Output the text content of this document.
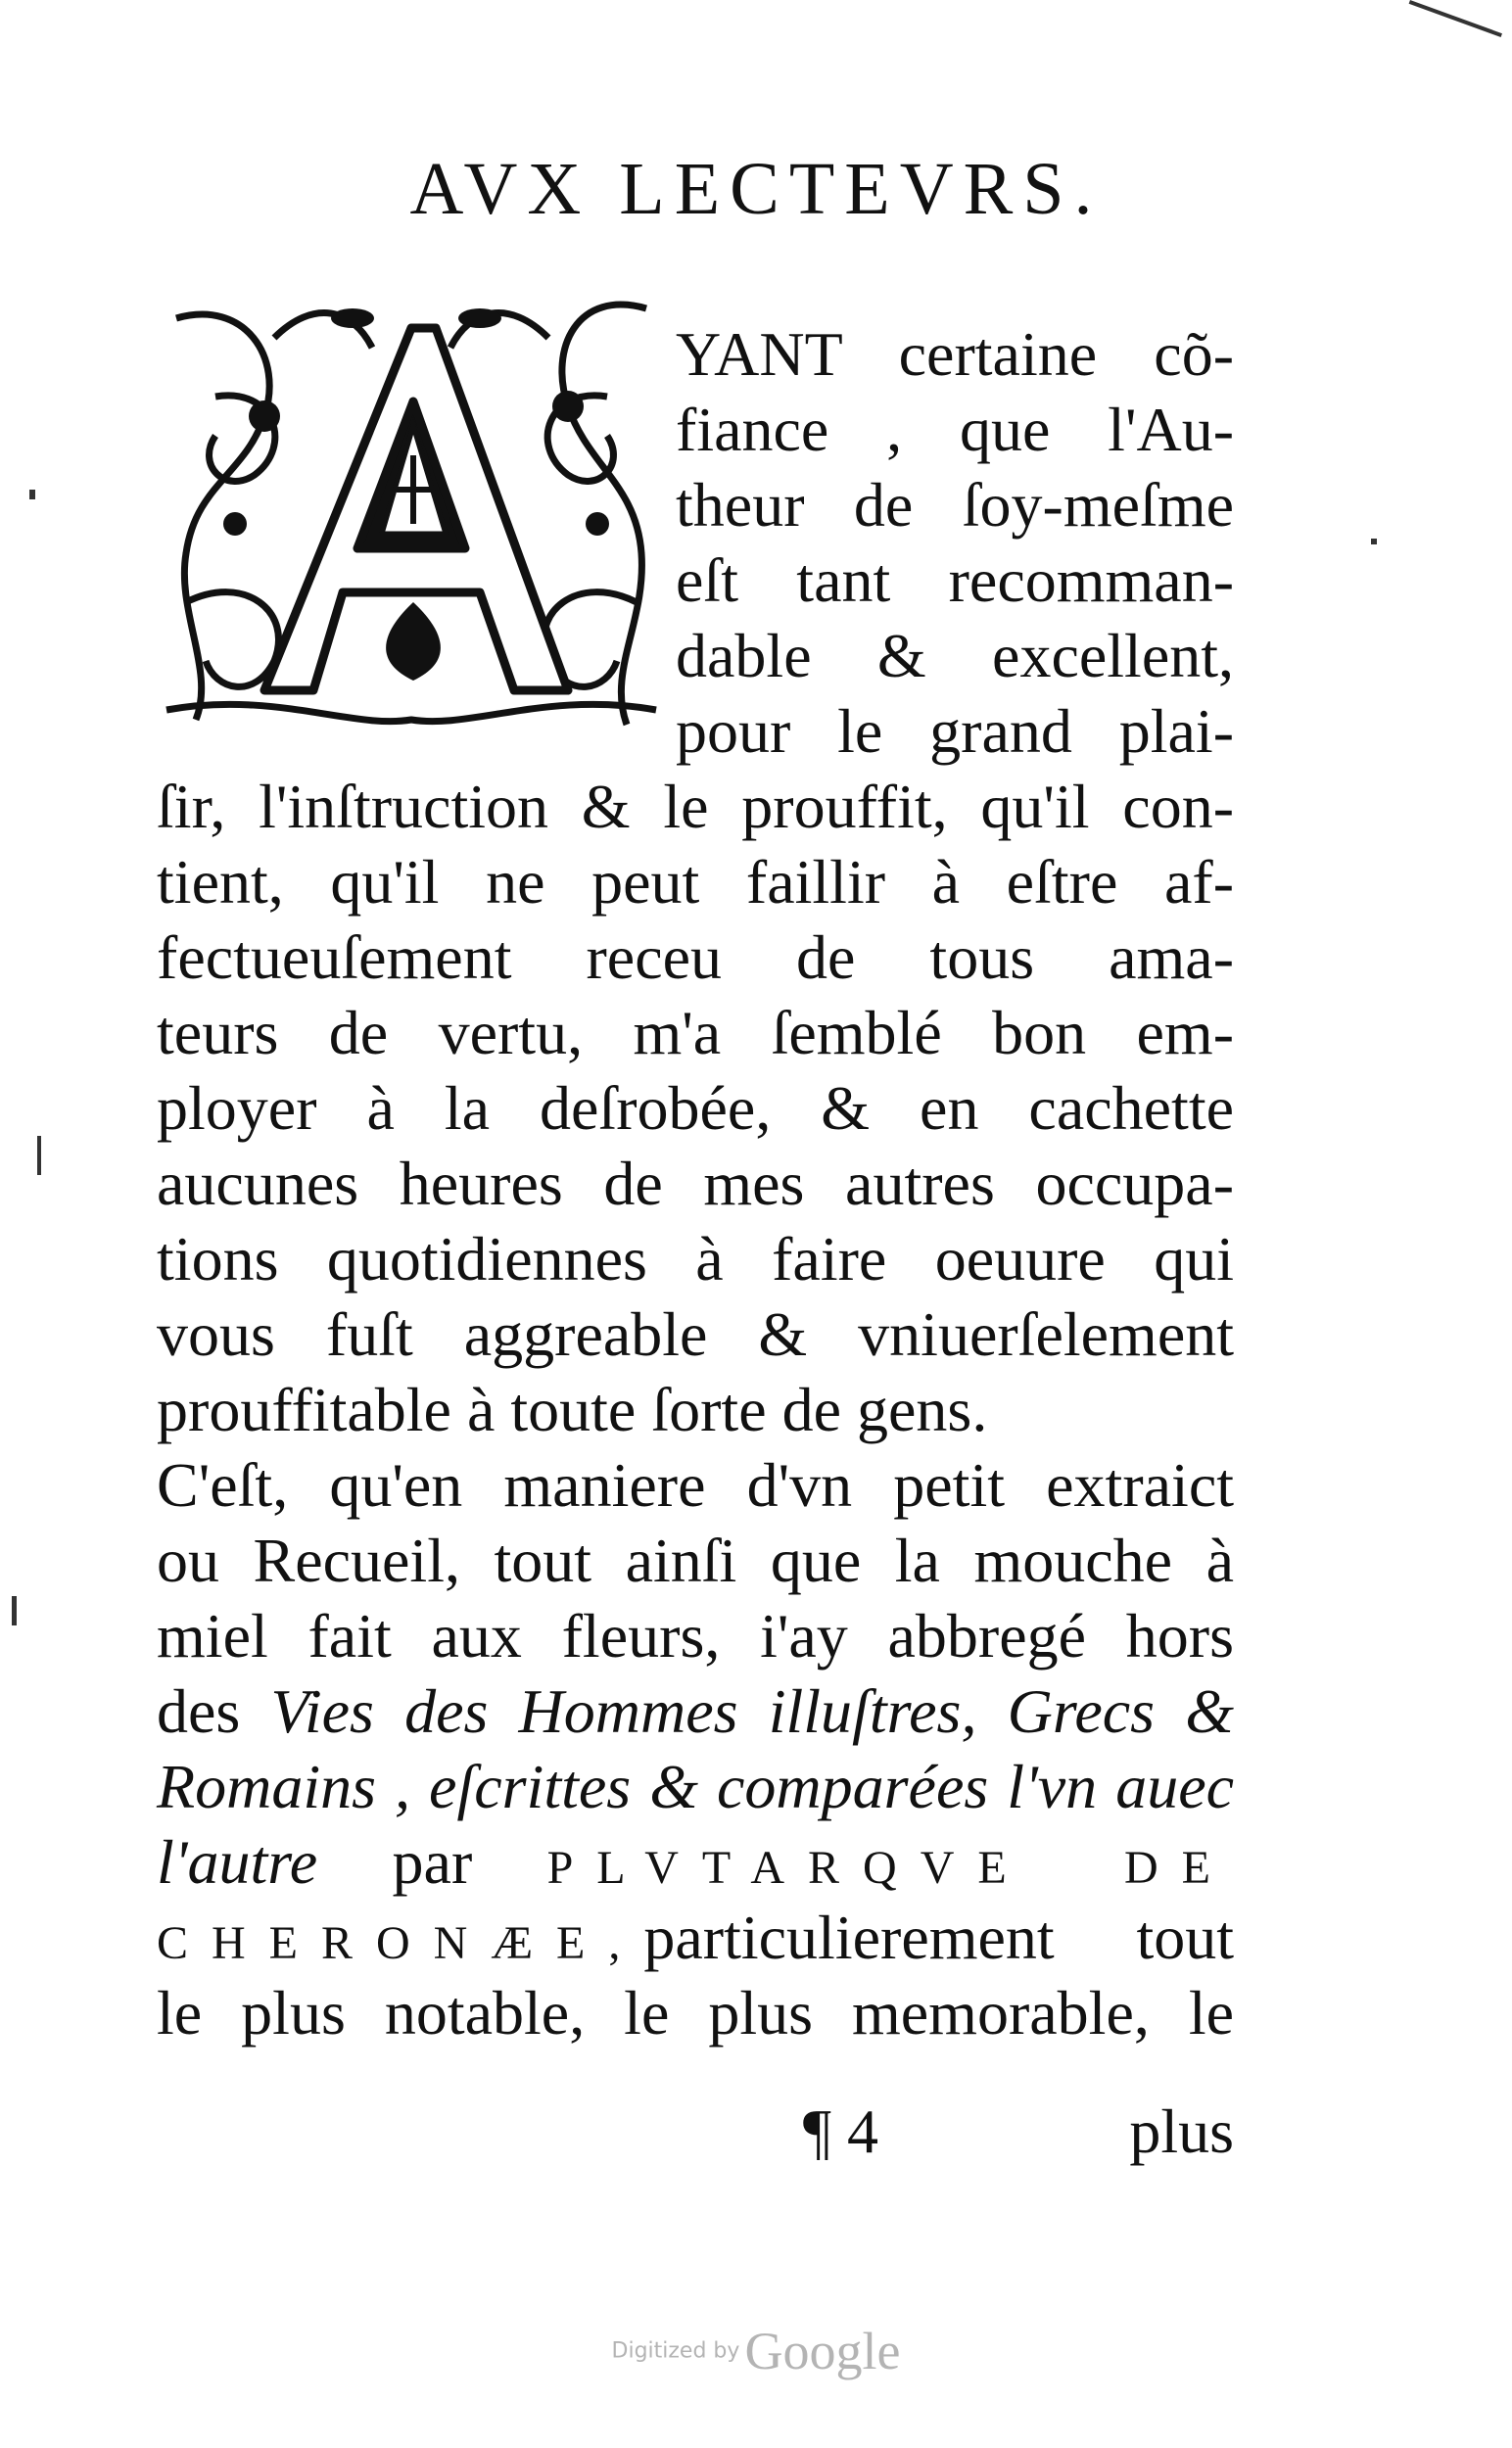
AVX LECTEVRS.
YANT certaine cõ-
fiance , que l'Au-
theur de ſoy-meſme
eſt tant recomman-
dable & excellent,
pour le grand plai-
ſir, l'inſtruction & le prouffit, qu'il con-
tient, qu'il ne peut faillir à eſtre af-
fectueuſement receu de tous ama-
teurs de vertu, m'a ſemblé bon em-
ployer à la deſrobée, & en cachette
aucunes heures de mes autres occupa-
tions quotidiennes à faire oeuure qui
vous fuſt aggreable & vniuerſelement
prouffitable à toute ſorte de gens.
C'eſt, qu'en maniere d'vn petit extraict
ou Recueil, tout ainſi que la mouche à
miel fait aux fleurs, i'ay abbregé hors
des Vies des Hommes illuſtres, Grecs &
Romains , eſcrittes & comparées l'vn auec
l'autre par PLVTARQVE DE
CHERONÆE,particulierement tout
le plus notable, le plus memorable, le
¶ 4	plus
Digitized by Google
